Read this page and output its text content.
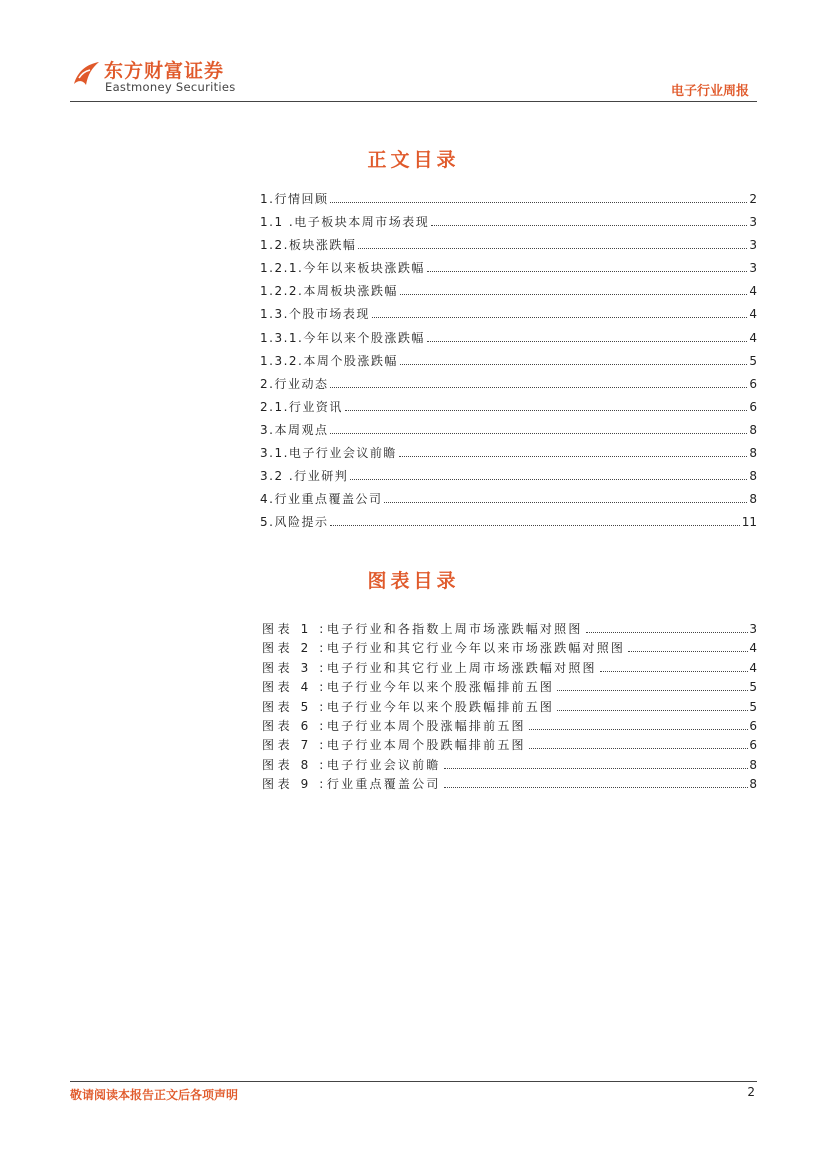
东方财富证券
Eastmoney Securities	电子行业周报
正文目录
1.行情回顾	2
1.1 .电子板块本周市场表现	3
1.2.板块涨跌幅	3
1.2.1.今年以来板块涨跌幅	3
1.2.2.本周板块涨跌幅	4
1.3.个股市场表现	4
1.3.1.今年以来个股涨跌幅	4
1.3.2.本周个股涨跌幅	5
2.行业动态	6
2.1.行业资讯	6
3.本周观点	8
3.1.电子行业会议前瞻	8
3.2 .行业研判	8
4.行业重点覆盖公司	8
5.风险提示	11
图表目录
图表 1 : 电子行业和各指数上周市场涨跌幅对照图	3
图表 2 : 电子行业和其它行业今年以来市场涨跌幅对照图	4
图表 3 : 电子行业和其它行业上周市场涨跌幅对照图	4
图表 4 : 电子行业今年以来个股涨幅排前五图	5
图表 5 : 电子行业今年以来个股跌幅排前五图	5
图表 6 : 电子行业本周个股涨幅排前五图	6
图表 7 : 电子行业本周个股跌幅排前五图	6
图表 8 : 电子行业会议前瞻	8
图表 9 : 行业重点覆盖公司	8
敬请阅读本报告正文后各项声明	2
